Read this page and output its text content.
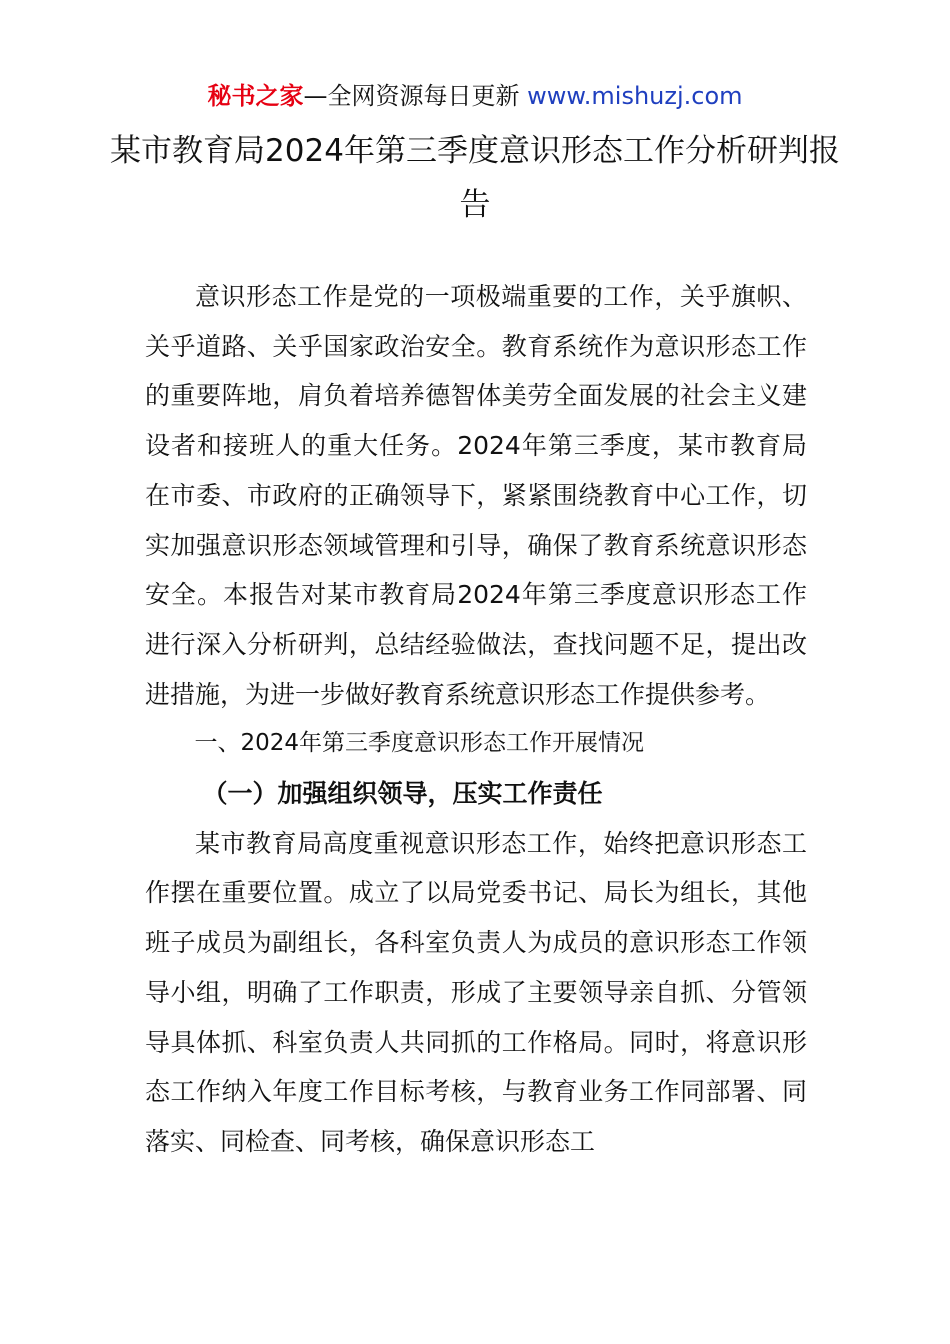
秘书之家—全网资源每日更新 www.mishuzj.com
某市教育局2024年第三季度意识形态工作分析研判报告

意识形态工作是党的一项极端重要的工作，关乎旗帜、关乎道路、关乎国家政治安全。教育系统作为意识形态工作的重要阵地，肩负着培养德智体美劳全面发展的社会主义建设者和接班人的重大任务。2024年第三季度，某市教育局在市委、市政府的正确领导下，紧紧围绕教育中心工作，切实加强意识形态领域管理和引导，确保了教育系统意识形态安全。本报告对某市教育局2024年第三季度意识形态工作进行深入分析研判，总结经验做法，查找问题不足，提出改进措施，为进一步做好教育系统意识形态工作提供参考。

一、2024年第三季度意识形态工作开展情况
（一）加强组织领导，压实工作责任

某市教育局高度重视意识形态工作，始终把意识形态工作摆在重要位置。成立了以局党委书记、局长为组长，其他班子成员为副组长，各科室负责人为成员的意识形态工作领导小组，明确了工作职责，形成了主要领导亲自抓、分管领导具体抓、科室负责人共同抓的工作格局。同时，将意识形态工作纳入年度工作目标考核，与教育业务工作同部署、同落实、同检查、同考核，确保意识形态工
